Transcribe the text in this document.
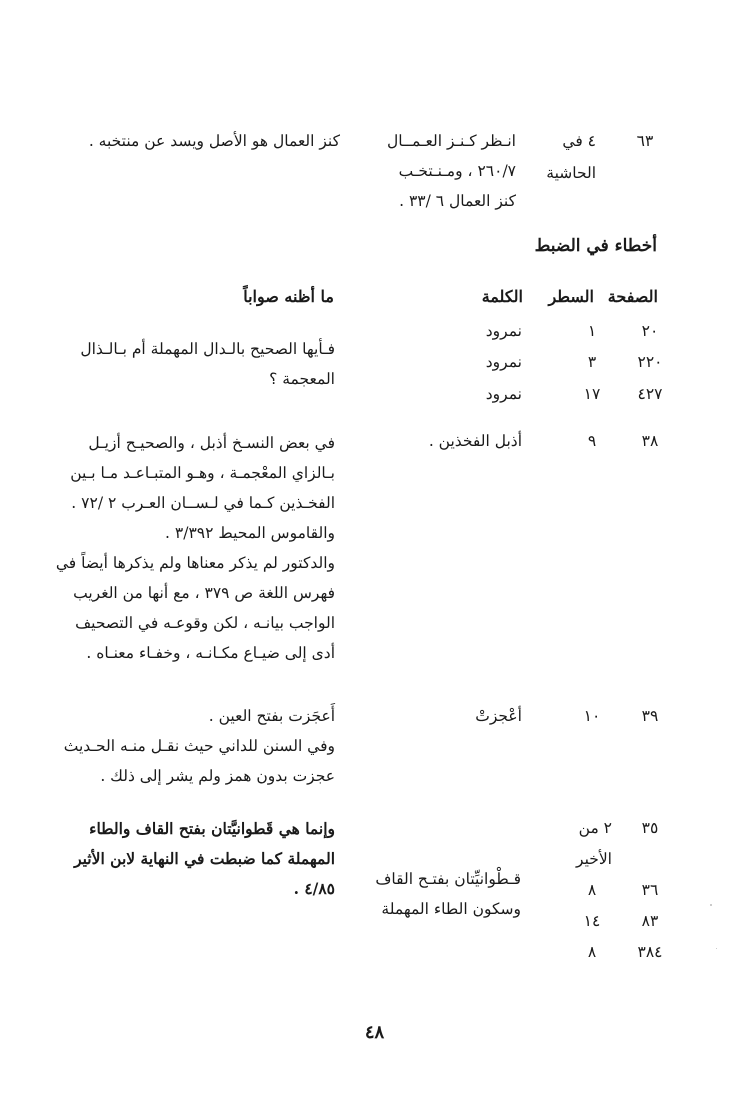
٦٣
٤ في
الحاشية
انـظر كـنـز العـمــال
٢٦٠/٧ ، ومـنـتخـب
كنز العمال ٦ /٣٣ .
كنز العمال هو الأصل ويسد عن منتخبه .
أخطاء في الضبط
الصفحة
السطر
الكلمة
ما أظنه صواباً
٢٠
١
نمرود
٢٢٠
٣
نمرود
٤٢٧
١٧
نمرود
فـأيها الصحيح بالـدال المهملة أم بـالـذال
المعجمة ؟
٣٨
٩
أذبل الفخذين .
في بعض النسـخ أذبل ، والصحيـح أزيـل
بـالزاي المعْجمـة ، وهـو المتبـاعـد مـا بـين
الفخـذين كـما في لـســان العـرب ٢ /٧٢ .
والقاموس المحيط ٣/٣٩٢ .
والدكتور لم يذكر معناها ولم يذكرها أيضاً في
فهرس اللغة ص ٣٧٩ ، مع أنها من الغريب
الواجب بيانـه ، لكن وقوعـه في التصحيف
أدى إلى ضيـاع مكـانـه ، وخفـاء معنـاه .
٣٩
١٠
أعْجزتْ
أَعجَزت بفتح العين .
وفي السنن للداني حيث نقـل منـه الحـديث
عجزت بدون همز ولم يشر إلى ذلك .
٣٥
٢ من
الأخير
٣٦
٨
٨٣
١٤
٣٨٤
٨
قـطْوانيِّتان بفتـح القاف
وسكون الطاء المهملة
وإنما هي قَطوانيَّتان بفتح القاف والطاء
المهملة كما ضبطت في النهاية لابن الأثير
٤/٨٥ .
٤٨
